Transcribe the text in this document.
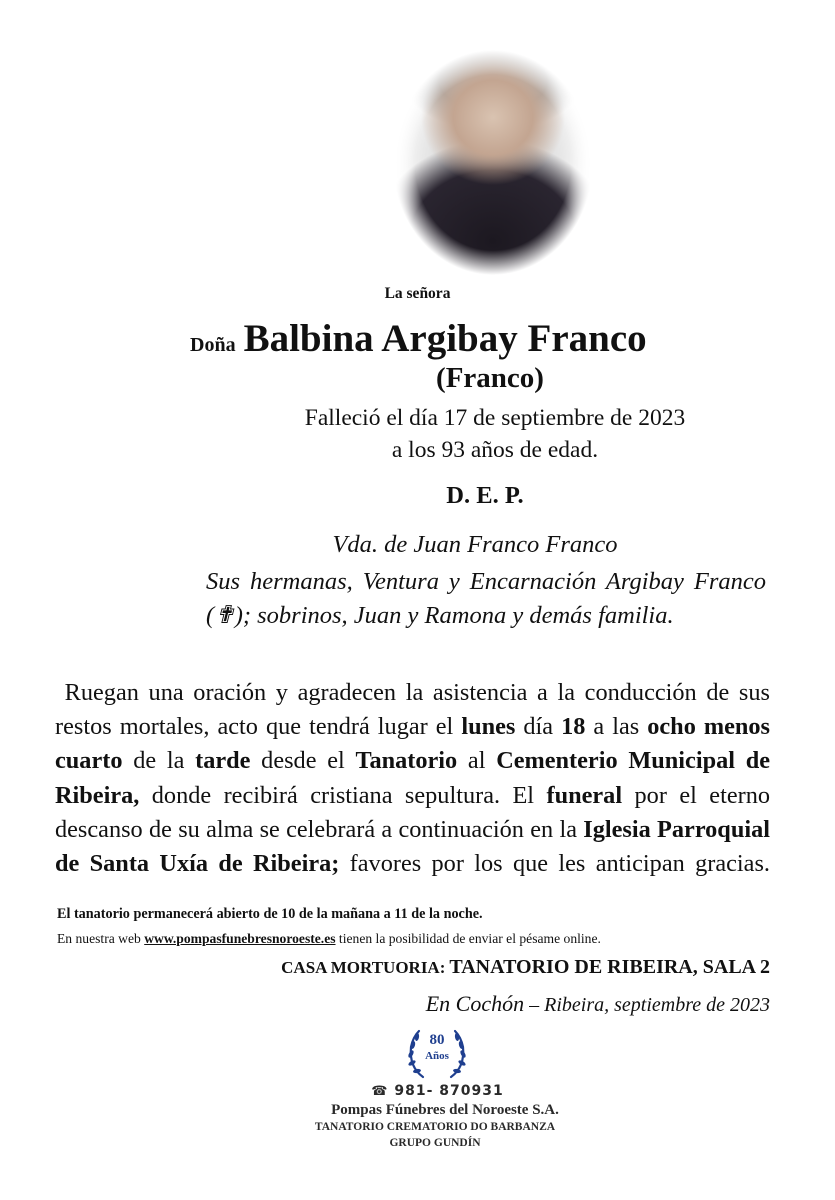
La señora
Doña Balbina Argibay Franco
(Franco)
Falleció el día 17 de septiembre de 2023
a los 93 años de edad.
D. E. P.
Vda. de Juan Franco Franco
Sus hermanas, Ventura y Encarnación Argibay Franco (✟); sobrinos, Juan y Ramona y demás familia.
Ruegan una oración y agradecen la asistencia a la conducción de sus restos mortales, acto que tendrá lugar el lunes día 18 a las ocho menos cuarto de la tarde desde el Tanatorio al Cementerio Municipal de Ribeira, donde recibirá cristiana sepultura. El funeral por el eterno descanso de su alma se celebrará a continuación en la Iglesia Parroquial de Santa Uxía de Ribeira; favores por los que les anticipan gracias.
El tanatorio permanecerá abierto de 10 de la mañana a 11 de la noche.
En nuestra web www.pompasfunebresnoroeste.es tienen la posibilidad de enviar el pésame online.
CASA MORTUORIA: TANATORIO DE RIBEIRA, SALA 2
En Cochón – Ribeira, septiembre de 2023
80
Años
☎ 981- 870931
Pompas Fúnebres del Noroeste S.A.
TANATORIO CREMATORIO DO BARBANZA
GRUPO GUNDÍN
